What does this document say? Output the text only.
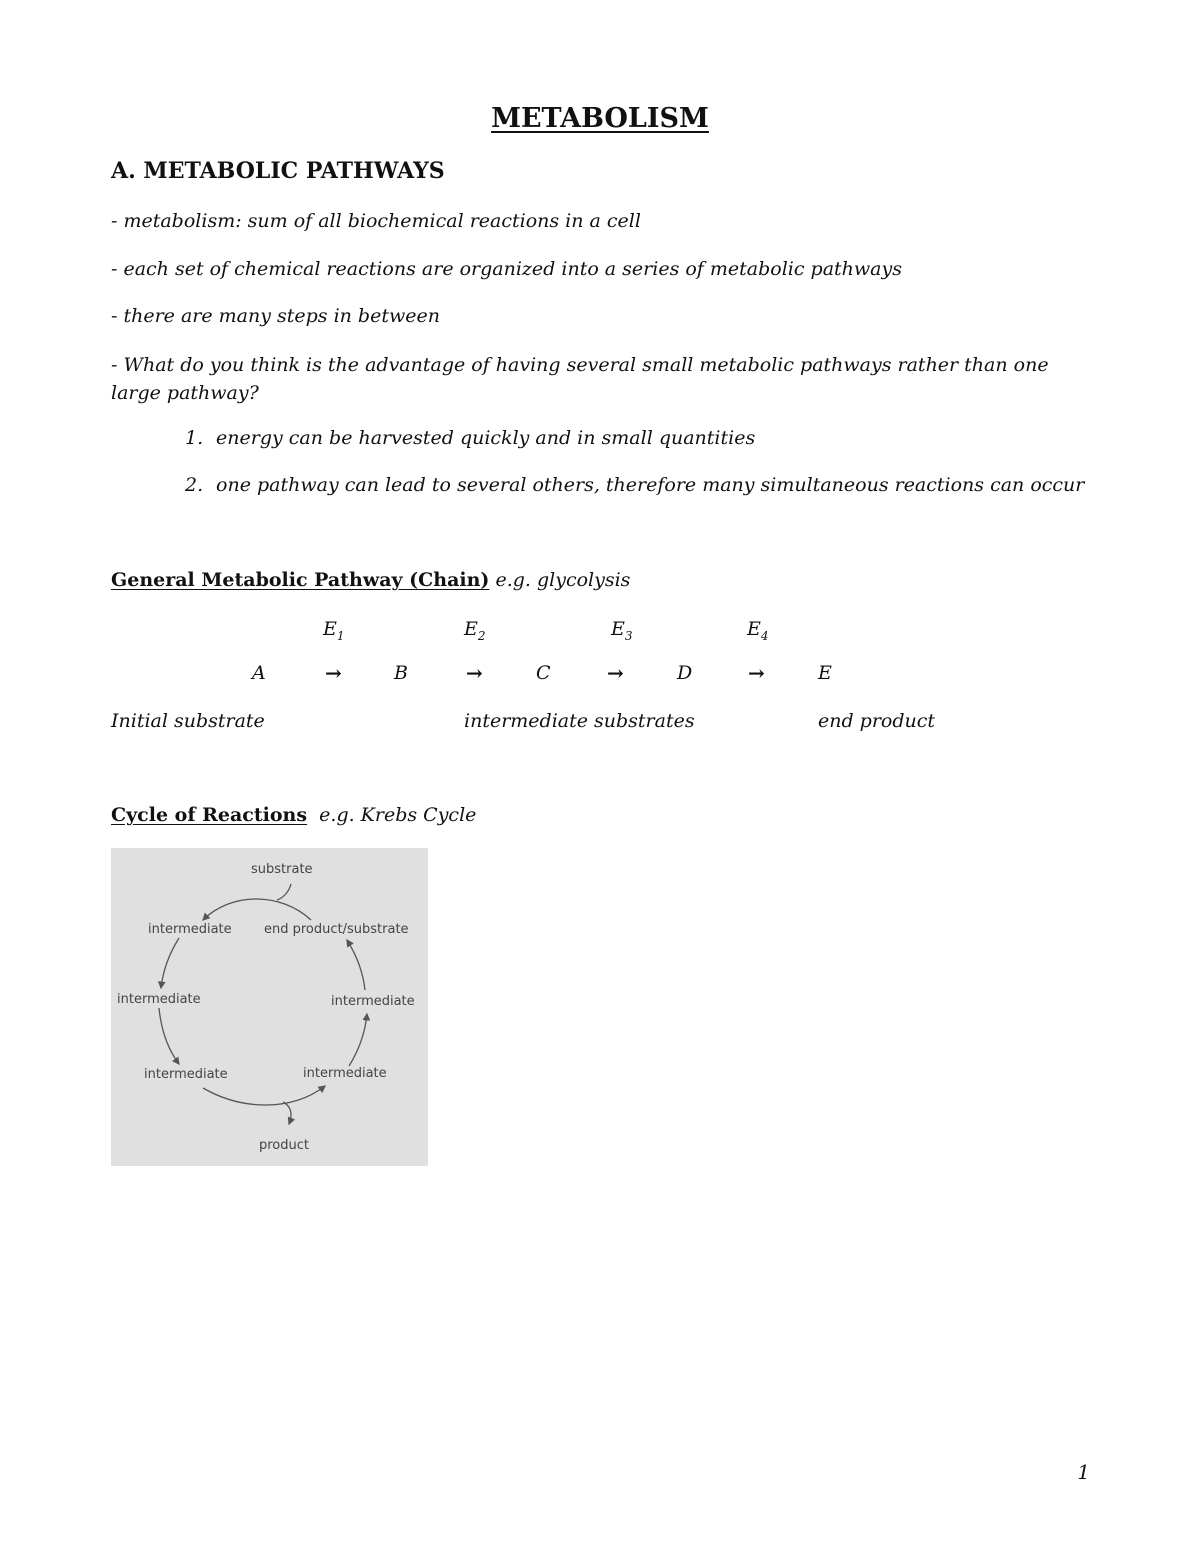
METABOLISM
A. METABOLIC PATHWAYS
- metabolism: sum of all biochemical reactions in a cell
- each set of chemical reactions are organized into a series of metabolic pathways
- there are many steps in between
- What do you think is the advantage of having several small metabolic pathways rather than one large pathway?
1. energy can be harvested quickly and in small quantities
2. one pathway can lead to several others, therefore many simultaneous reactions can occur
General Metabolic Pathway (Chain) e.g. glycolysis
$E_1$	$E_2$	$E_3$	$E_4$
A	→	B	→	C	→	D	→	E
Initial substrate	intermediate substrates	end product
Cycle of Reactions e.g. Krebs Cycle
substrate
intermediate end product/substrate
intermediate	intermediate
intermediate	intermediate
product
1
